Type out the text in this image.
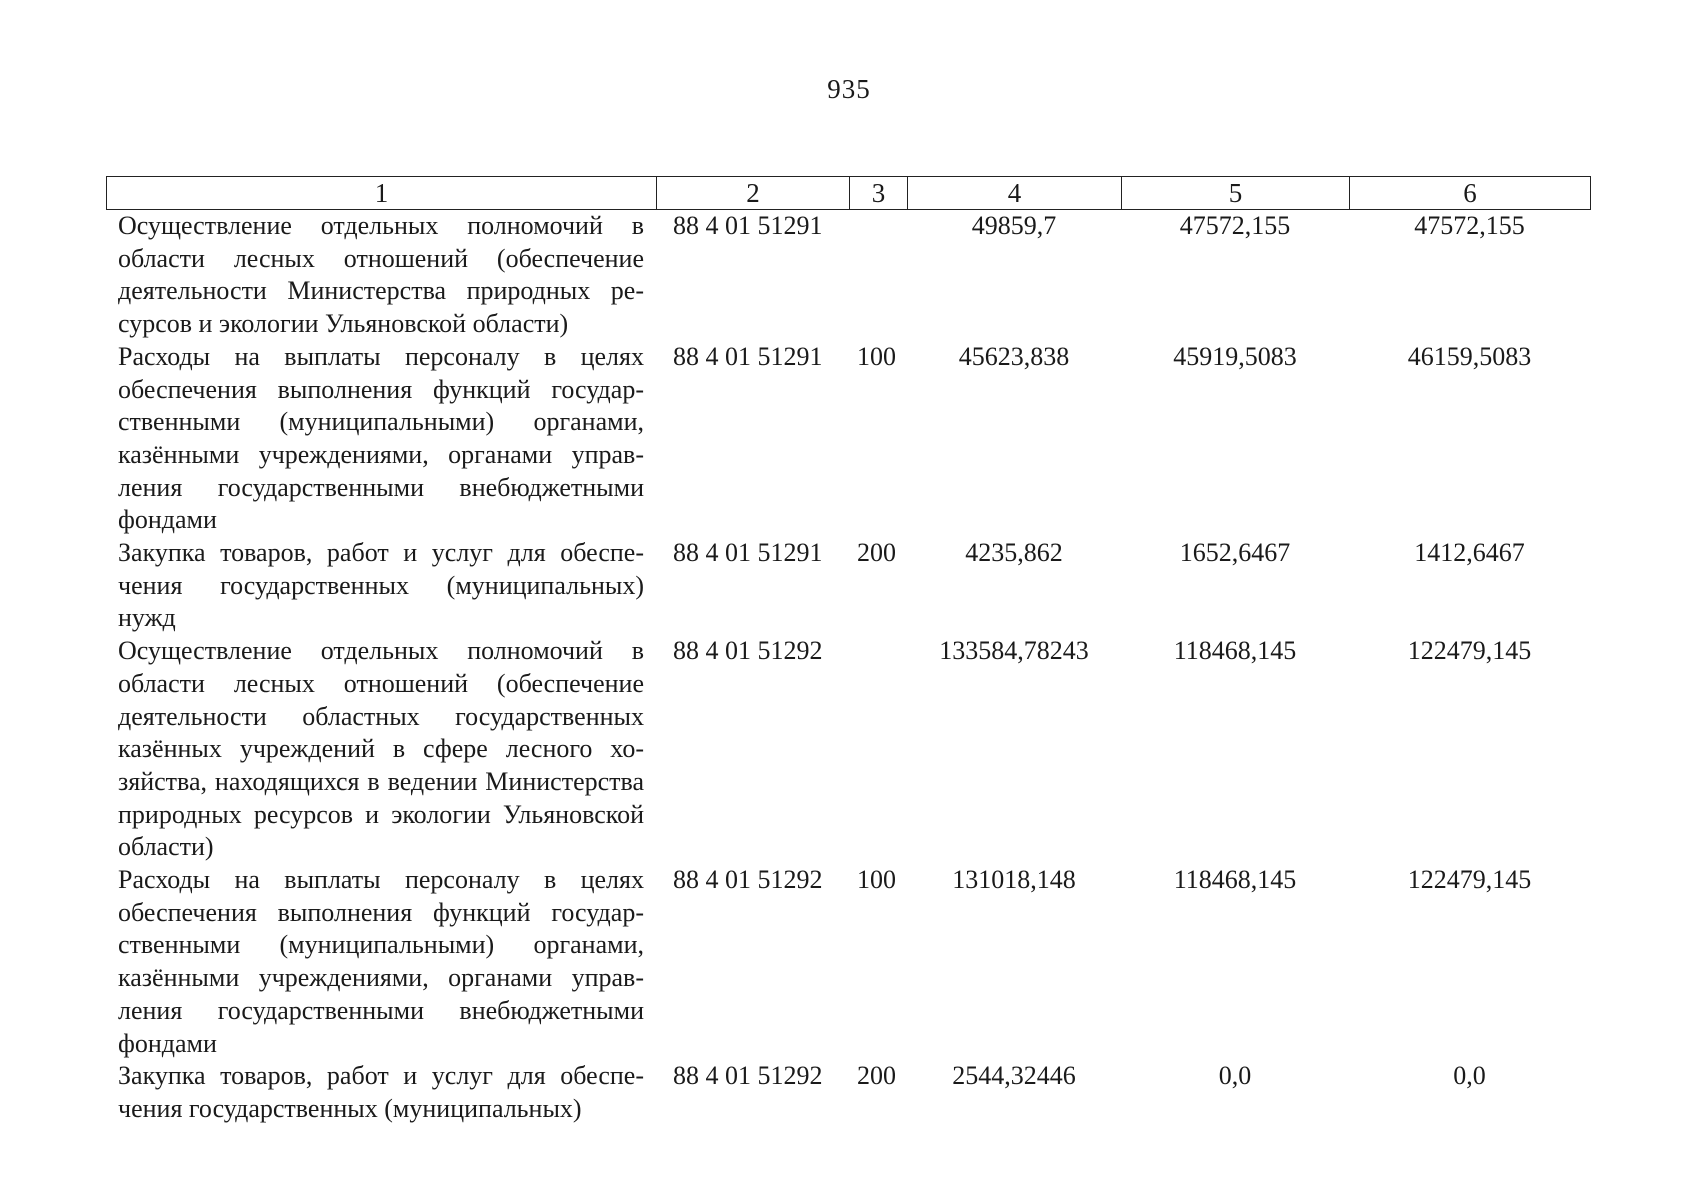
935
1	2	3	4	5	6
Осуществление отдельных полномочий в области лесных отношений (обеспечение деятельности Министерства природных ресурсов и экологии Ульяновской области)	88 4 01 51291		49859,7	47572,155	47572,155
Расходы на выплаты персоналу в целях обеспечения выполнения функций государственными (муниципальными) органами, казёнными учреждениями, органами управления государственными внебюджетными фондами	88 4 01 51291	100	45623,838	45919,5083	46159,5083
Закупка товаров, работ и услуг для обеспечения государственных (муниципальных) нужд	88 4 01 51291	200	4235,862	1652,6467	1412,6467
Осуществление отдельных полномочий в области лесных отношений (обеспечение деятельности областных государственных казённых учреждений в сфере лесного хозяйства, находящихся в ведении Министерства природных ресурсов и экологии Ульяновской области)	88 4 01 51292		133584,78243	118468,145	122479,145
Расходы на выплаты персоналу в целях обеспечения выполнения функций государственными (муниципальными) органами, казёнными учреждениями, органами управления государственными внебюджетными фондами	88 4 01 51292	100	131018,148	118468,145	122479,145
Закупка товаров, работ и услуг для обеспечения государственных (муниципальных)	88 4 01 51292	200	2544,32446	0,0	0,0
